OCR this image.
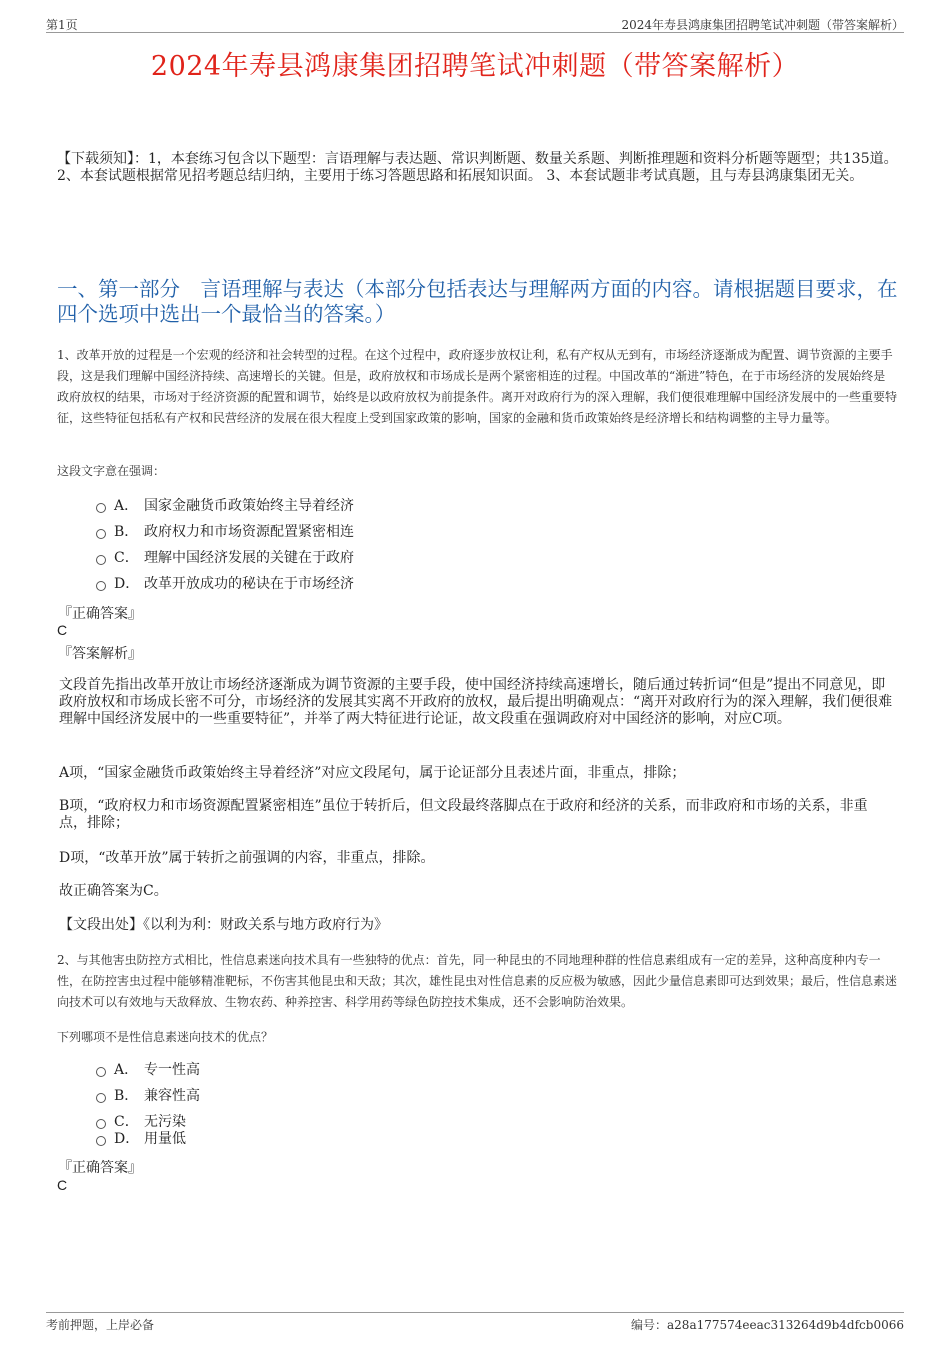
第1页	2024年寿县鸿康集团招聘笔试冲刺题（带答案解析）
2024年寿县鸿康集团招聘笔试冲刺题（带答案解析）
【下载须知】：1，本套练习包含以下题型：言语理解与表达题、常识判断题、数量关系题、判断推理题和资料分析题等题型；共135道。 2、本套试题根据常见招考题总结归纳，主要用于练习答题思路和拓展知识面。 3、本套试题非考试真题，且与寿县鸿康集团无关。
一、第一部分　言语理解与表达（本部分包括表达与理解两方面的内容。请根据题目要求，在四个选项中选出一个最恰当的答案。）
1、改革开放的过程是一个宏观的经济和社会转型的过程。在这个过程中，政府逐步放权让利，私有产权从无到有，市场经济逐渐成为配置、调节资源的主要手段，这是我们理解中国经济持续、高速增长的关键。但是，政府放权和市场成长是两个紧密相连的过程。中国改革的“渐进”特色，在于市场经济的发展始终是政府放权的结果，市场对于经济资源的配置和调节，始终是以政府放权为前提条件。离开对政府行为的深入理解，我们便很难理解中国经济发展中的一些重要特征，这些特征包括私有产权和民营经济的发展在很大程度上受到国家政策的影响，国家的金融和货币政策始终是经济增长和结构调整的主导力量等。
这段文字意在强调：
A． 国家金融货币政策始终主导着经济
B． 政府权力和市场资源配置紧密相连
C． 理解中国经济发展的关键在于政府
D． 改革开放成功的秘诀在于市场经济
『正确答案』
C
『答案解析』
文段首先指出改革开放让市场经济逐渐成为调节资源的主要手段，使中国经济持续高速增长，随后通过转折词“但是”提出不同意见，即政府放权和市场成长密不可分，市场经济的发展其实离不开政府的放权，最后提出明确观点：“离开对政府行为的深入理解，我们便很难理解中国经济发展中的一些重要特征”，并举了两大特征进行论证，故文段重在强调政府对中国经济的影响，对应C项。
A项，“国家金融货币政策始终主导着经济”对应文段尾句，属于论证部分且表述片面，非重点，排除；
B项，“政府权力和市场资源配置紧密相连”虽位于转折后，但文段最终落脚点在于政府和经济的关系，而非政府和市场的关系，非重点，排除；
D项，“改革开放”属于转折之前强调的内容，非重点，排除。
故正确答案为C。
【文段出处】《以利为利：财政关系与地方政府行为》
2、与其他害虫防控方式相比，性信息素迷向技术具有一些独特的优点：首先，同一种昆虫的不同地理种群的性信息素组成有一定的差异，这种高度种内专一性，在防控害虫过程中能够精准靶标，不伤害其他昆虫和天敌；其次，雄性昆虫对性信息素的反应极为敏感，因此少量信息素即可达到效果；最后，性信息素迷向技术可以有效地与天敌释放、生物农药、种养控害、科学用药等绿色防控技术集成，还不会影响防治效果。
下列哪项不是性信息素迷向技术的优点？
A． 专一性高
B． 兼容性高
C． 无污染
D． 用量低
『正确答案』
C
考前押题，上岸必备	编号：a28a177574eeac313264d9b4dfcb0066
